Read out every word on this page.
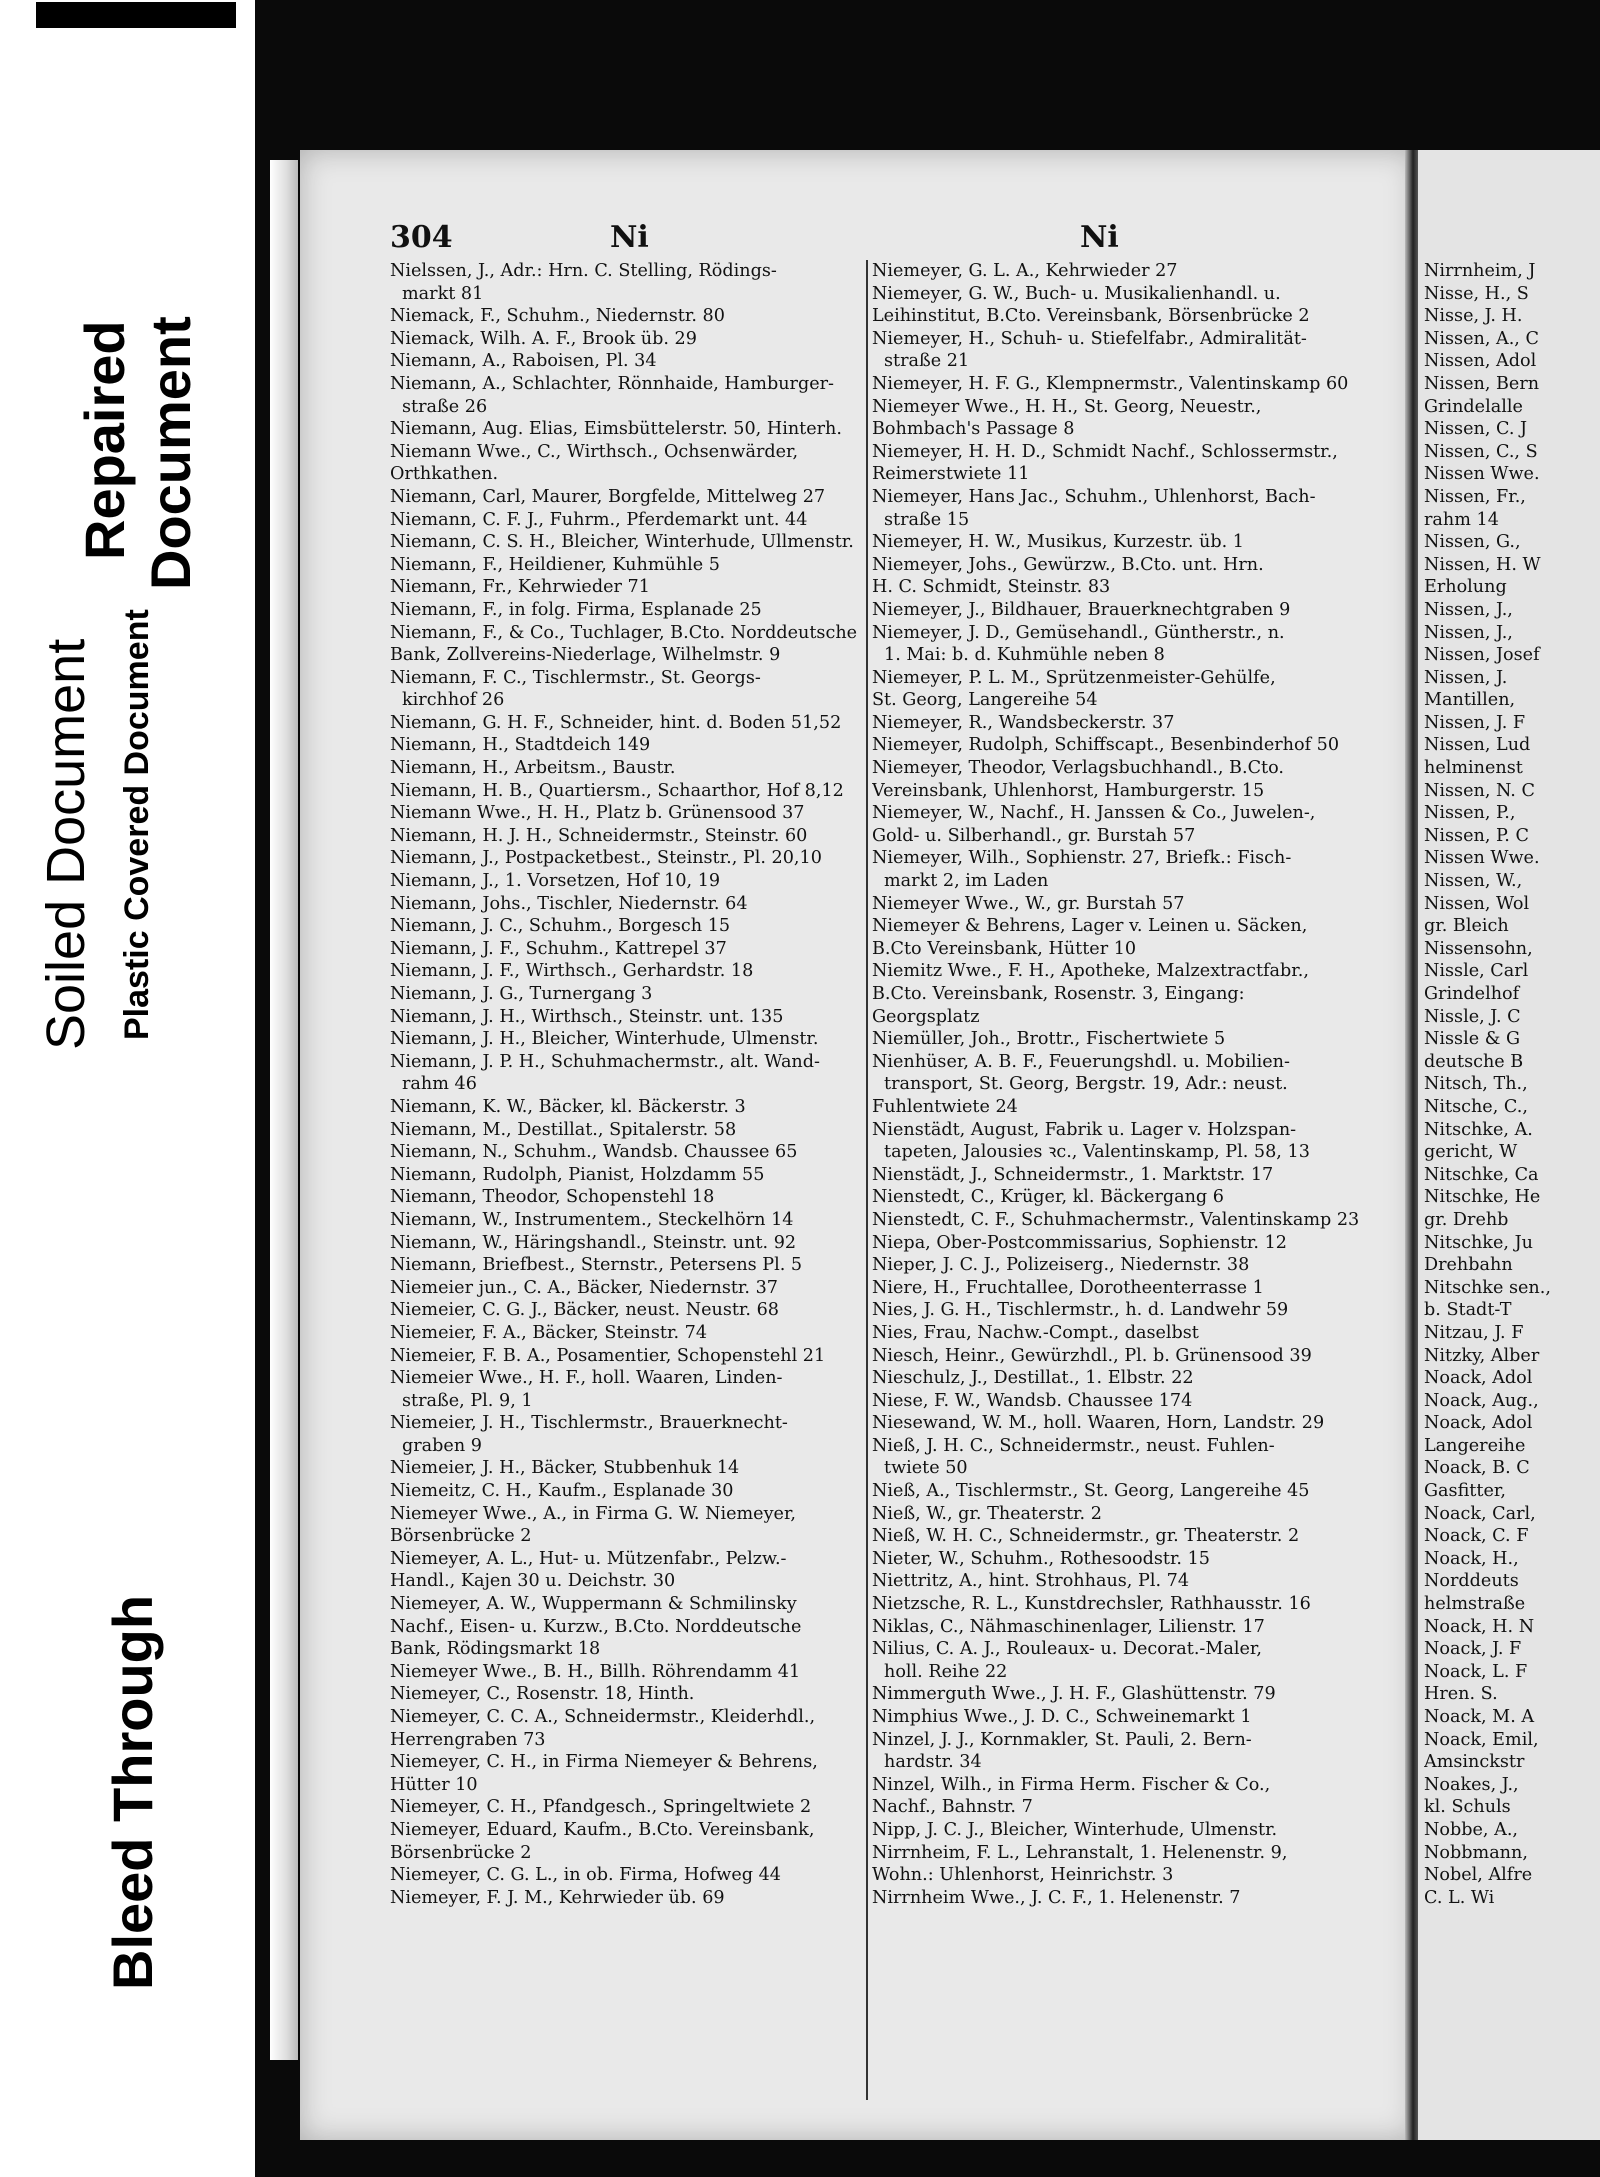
Soiled Document Plastic Covered Document
Repaired Document
Bleed Through
304	Ni	Ni
Nielssen, J., Adr.: Hrn. C. Stelling, Rödings-
markt 81
Niemack, F., Schuhm., Niedernstr. 80
Niemack, Wilh. A. F., Brook üb. 29
Niemann, A., Raboisen, Pl. 34
Niemann, A., Schlachter, Rönnhaide, Hamburger-
straße 26
Niemann, Aug. Elias, Eimsbüttelerstr. 50, Hinterh.
Niemann Wwe., C., Wirthsch., Ochsenwärder,
Orthkathen.
Niemann, Carl, Maurer, Borgfelde, Mittelweg 27
Niemann, C. F. J., Fuhrm., Pferdemarkt unt. 44
Niemann, C. S. H., Bleicher, Winterhude, Ullmenstr.
Niemann, F., Heildiener, Kuhmühle 5
Niemann, Fr., Kehrwieder 71
Niemann, F., in folg. Firma, Esplanade 25
Niemann, F., & Co., Tuchlager, B.Cto. Norddeutsche
Bank, Zollvereins-Niederlage, Wilhelmstr. 9
Niemann, F. C., Tischlermstr., St. Georgs-
kirchhof 26
Niemann, G. H. F., Schneider, hint. d. Boden 51,52
Niemann, H., Stadtdeich 149
Niemann, H., Arbeitsm., Baustr.
Niemann, H. B., Quartiersm., Schaarthor, Hof 8,12
Niemann Wwe., H. H., Platz b. Grünensood 37
Niemann, H. J. H., Schneidermstr., Steinstr. 60
Niemann, J., Postpacketbest., Steinstr., Pl. 20,10
Niemann, J., 1. Vorsetzen, Hof 10, 19
Niemann, Johs., Tischler, Niedernstr. 64
Niemann, J. C., Schuhm., Borgesch 15
Niemann, J. F., Schuhm., Kattrepel 37
Niemann, J. F., Wirthsch., Gerhardstr. 18
Niemann, J. G., Turnergang 3
Niemann, J. H., Wirthsch., Steinstr. unt. 135
Niemann, J. H., Bleicher, Winterhude, Ulmenstr.
Niemann, J. P. H., Schuhmachermstr., alt. Wand-
rahm 46
Niemann, K. W., Bäcker, kl. Bäckerstr. 3
Niemann, M., Destillat., Spitalerstr. 58
Niemann, N., Schuhm., Wandsb. Chaussee 65
Niemann, Rudolph, Pianist, Holzdamm 55
Niemann, Theodor, Schopenstehl 18
Niemann, W., Instrumentem., Steckelhörn 14
Niemann, W., Häringshandl., Steinstr. unt. 92
Niemann, Briefbest., Sternstr., Petersens Pl. 5
Niemeier jun., C. A., Bäcker, Niedernstr. 37
Niemeier, C. G. J., Bäcker, neust. Neustr. 68
Niemeier, F. A., Bäcker, Steinstr. 74
Niemeier, F. B. A., Posamentier, Schopenstehl 21
Niemeier Wwe., H. F., holl. Waaren, Linden-
straße, Pl. 9, 1
Niemeier, J. H., Tischlermstr., Brauerknecht-
graben 9
Niemeier, J. H., Bäcker, Stubbenhuk 14
Niemeitz, C. H., Kaufm., Esplanade 30
Niemeyer Wwe., A., in Firma G. W. Niemeyer,
Börsenbrücke 2
Niemeyer, A. L., Hut- u. Mützenfabr., Pelzw.-
Handl., Kajen 30 u. Deichstr. 30
Niemeyer, A. W., Wuppermann & Schmilinsky
Nachf., Eisen- u. Kurzw., B.Cto. Norddeutsche
Bank, Rödingsmarkt 18
Niemeyer Wwe., B. H., Billh. Röhrendamm 41
Niemeyer, C., Rosenstr. 18, Hinth.
Niemeyer, C. C. A., Schneidermstr., Kleiderhdl.,
Herrengraben 73
Niemeyer, C. H., in Firma Niemeyer & Behrens,
Hütter 10
Niemeyer, C. H., Pfandgesch., Springeltwiete 2
Niemeyer, Eduard, Kaufm., B.Cto. Vereinsbank,
Börsenbrücke 2
Niemeyer, C. G. L., in ob. Firma, Hofweg 44
Niemeyer, F. J. M., Kehrwieder üb. 69
Niemeyer, G. L. A., Kehrwieder 27
Niemeyer, G. W., Buch- u. Musikalienhandl. u.
Leihinstitut, B.Cto. Vereinsbank, Börsenbrücke 2
Niemeyer, H., Schuh- u. Stiefelfabr., Admiralität-
straße 21
Niemeyer, H. F. G., Klempnermstr., Valentinskamp 60
Niemeyer Wwe., H. H., St. Georg, Neuestr.,
Bohmbach's Passage 8
Niemeyer, H. H. D., Schmidt Nachf., Schlossermstr.,
Reimerstwiete 11
Niemeyer, Hans Jac., Schuhm., Uhlenhorst, Bach-
straße 15
Niemeyer, H. W., Musikus, Kurzestr. üb. 1
Niemeyer, Johs., Gewürzw., B.Cto. unt. Hrn.
H. C. Schmidt, Steinstr. 83
Niemeyer, J., Bildhauer, Brauerknechtgraben 9
Niemeyer, J. D., Gemüsehandl., Güntherstr., n.
1. Mai: b. d. Kuhmühle neben 8
Niemeyer, P. L. M., Sprützenmeister-Gehülfe,
St. Georg, Langereihe 54
Niemeyer, R., Wandsbeckerstr. 37
Niemeyer, Rudolph, Schiffscapt., Besenbinderhof 50
Niemeyer, Theodor, Verlagsbuchhandl., B.Cto.
Vereinsbank, Uhlenhorst, Hamburgerstr. 15
Niemeyer, W., Nachf., H. Janssen & Co., Juwelen-,
Gold- u. Silberhandl., gr. Burstah 57
Niemeyer, Wilh., Sophienstr. 27, Briefk.: Fisch-
markt 2, im Laden
Niemeyer Wwe., W., gr. Burstah 57
Niemeyer & Behrens, Lager v. Leinen u. Säcken,
B.Cto Vereinsbank, Hütter 10
Niemitz Wwe., F. H., Apotheke, Malzextractfabr.,
B.Cto. Vereinsbank, Rosenstr. 3, Eingang:
Georgsplatz
Niemüller, Joh., Brottr., Fischertwiete 5
Nienhüser, A. B. F., Feuerungshdl. u. Mobilien-
transport, St. Georg, Bergstr. 19, Adr.: neust.
Fuhlentwiete 24
Nienstädt, August, Fabrik u. Lager v. Holzspan-
tapeten, Jalousies ꝛc., Valentinskamp, Pl. 58, 13
Nienstädt, J., Schneidermstr., 1. Marktstr. 17
Nienstedt, C., Krüger, kl. Bäckergang 6
Nienstedt, C. F., Schuhmachermstr., Valentinskamp 23
Niepa, Ober-Postcommissarius, Sophienstr. 12
Nieper, J. C. J., Polizeiserg., Niedernstr. 38
Niere, H., Fruchtallee, Dorotheenterrasse 1
Nies, J. G. H., Tischlermstr., h. d. Landwehr 59
Nies, Frau, Nachw.-Compt., daselbst
Niesch, Heinr., Gewürzhdl., Pl. b. Grünensood 39
Nieschulz, J., Destillat., 1. Elbstr. 22
Niese, F. W., Wandsb. Chaussee 174
Niesewand, W. M., holl. Waaren, Horn, Landstr. 29
Nieß, J. H. C., Schneidermstr., neust. Fuhlen-
twiete 50
Nieß, A., Tischlermstr., St. Georg, Langereihe 45
Nieß, W., gr. Theaterstr. 2
Nieß, W. H. C., Schneidermstr., gr. Theaterstr. 2
Nieter, W., Schuhm., Rothesoodstr. 15
Niettritz, A., hint. Strohhaus, Pl. 74
Nietzsche, R. L., Kunstdrechsler, Rathhausstr. 16
Niklas, C., Nähmaschinenlager, Lilienstr. 17
Nilius, C. A. J., Rouleaux- u. Decorat.-Maler,
holl. Reihe 22
Nimmerguth Wwe., J. H. F., Glashüttenstr. 79
Nimphius Wwe., J. D. C., Schweinemarkt 1
Ninzel, J. J., Kornmakler, St. Pauli, 2. Bern-
hardstr. 34
Ninzel, Wilh., in Firma Herm. Fischer & Co.,
Nachf., Bahnstr. 7
Nipp, J. C. J., Bleicher, Winterhude, Ulmenstr.
Nirrnheim, F. L., Lehranstalt, 1. Helenenstr. 9,
Wohn.: Uhlenhorst, Heinrichstr. 3
Nirrnheim Wwe., J. C. F., 1. Helenenstr. 7
Nirrnheim, J
Nisse, H., S
Nisse, J. H.
Nissen, A., C
Nissen, Adol
Nissen, Bern
Grindelalle
Nissen, C. J
Nissen, C., S
Nissen Wwe.
Nissen, Fr.,
rahm 14
Nissen, G.,
Nissen, H. W
Erholung
Nissen, J.,
Nissen, J.,
Nissen, Josef
Nissen, J.
Mantillen,
Nissen, J. F
Nissen, Lud
helminenst
Nissen, N. C
Nissen, P.,
Nissen, P. C
Nissen Wwe.
Nissen, W.,
Nissen, Wol
gr. Bleich
Nissensohn,
Nissle, Carl
Grindelhof
Nissle, J. C
Nissle & G
deutsche B
Nitsch, Th.,
Nitsche, C.,
Nitschke, A.
gericht, W
Nitschke, Ca
Nitschke, He
gr. Drehb
Nitschke, Ju
Drehbahn
Nitschke sen.,
b. Stadt-T
Nitzau, J. F
Nitzky, Alber
Noack, Adol
Noack, Aug.,
Noack, Adol
Langereihe
Noack, B. C
Gasfitter,
Noack, Carl,
Noack, C. F
Noack, H.,
Norddeuts
helmstraße
Noack, H. N
Noack, J. F
Noack, L. F
Hren. S.
Noack, M. A
Noack, Emil,
Amsinckstr
Noakes, J.,
kl. Schuls
Nobbe, A.,
Nobbmann,
Nobel, Alfre
C. L. Wi
